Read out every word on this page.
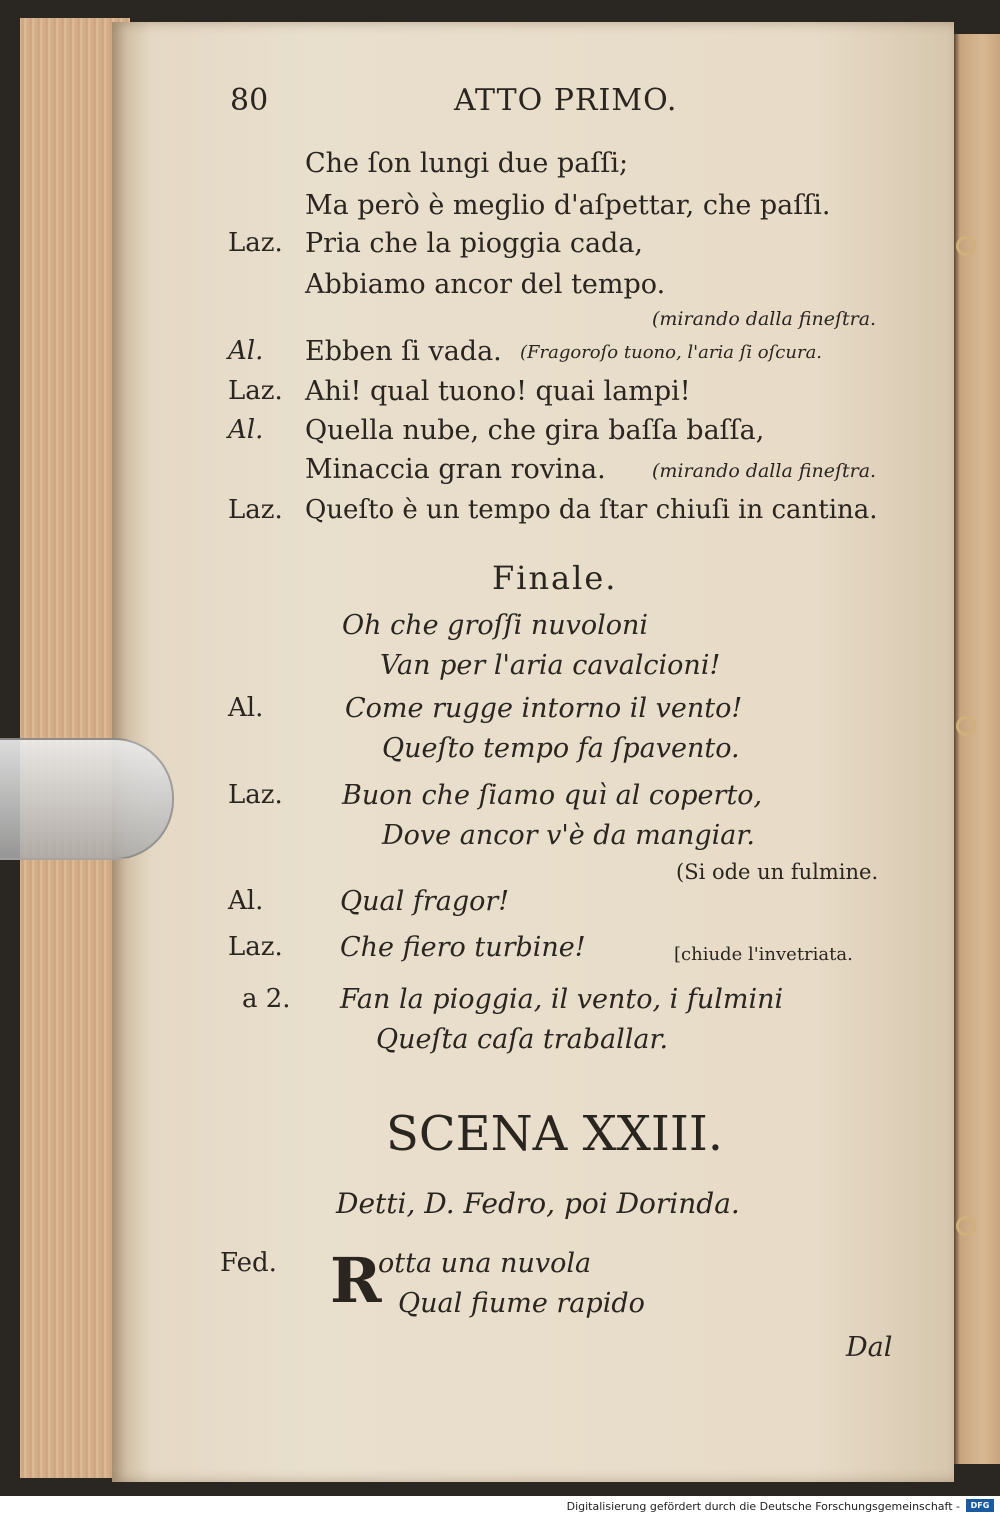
80	ATTO PRIMO.
Che ſon lungi due paſſi;
Ma però è meglio d'aſpettar, che paſſi.
Laz. Pria che la pioggia cada,
Abbiamo ancor del tempo.
(mirando dalla fineſtra.
Al. Ebben ſi vada. (Fragoroſo tuono, l'aria ſi oſcura.
Laz. Ahi! qual tuono! quai lampi!
Al. Quella nube, che gira baſſa baſſa,
Minaccia gran rovina. (mirando dalla fineſtra.
Laz. Queſto è un tempo da ſtar chiuſi in cantina.
Finale.
Oh che groſſi nuvoloni
Van per l'aria cavalcioni!
Al.	Come rugge intorno il vento!
Queſto tempo fa ſpavento.
Laz. Buon che ſiamo quì al coperto,
Dove ancor v'è da mangiar.
(Si ode un fulmine.
Al.	Qual fragor!
Laz. Che fiero turbine!	[chiude l'invetriata.
a 2. Fan la pioggia, il vento, i fulmini
Queſta caſa traballar.
SCENA XXIII.
Detti, D. Fedro, poi Dorinda.
Fed. R
otta una nuvola
Qual fiume rapido
Dal
Digitalisierung gefördert durch die Deutsche Forschungsgemeinschaft -	DFG
